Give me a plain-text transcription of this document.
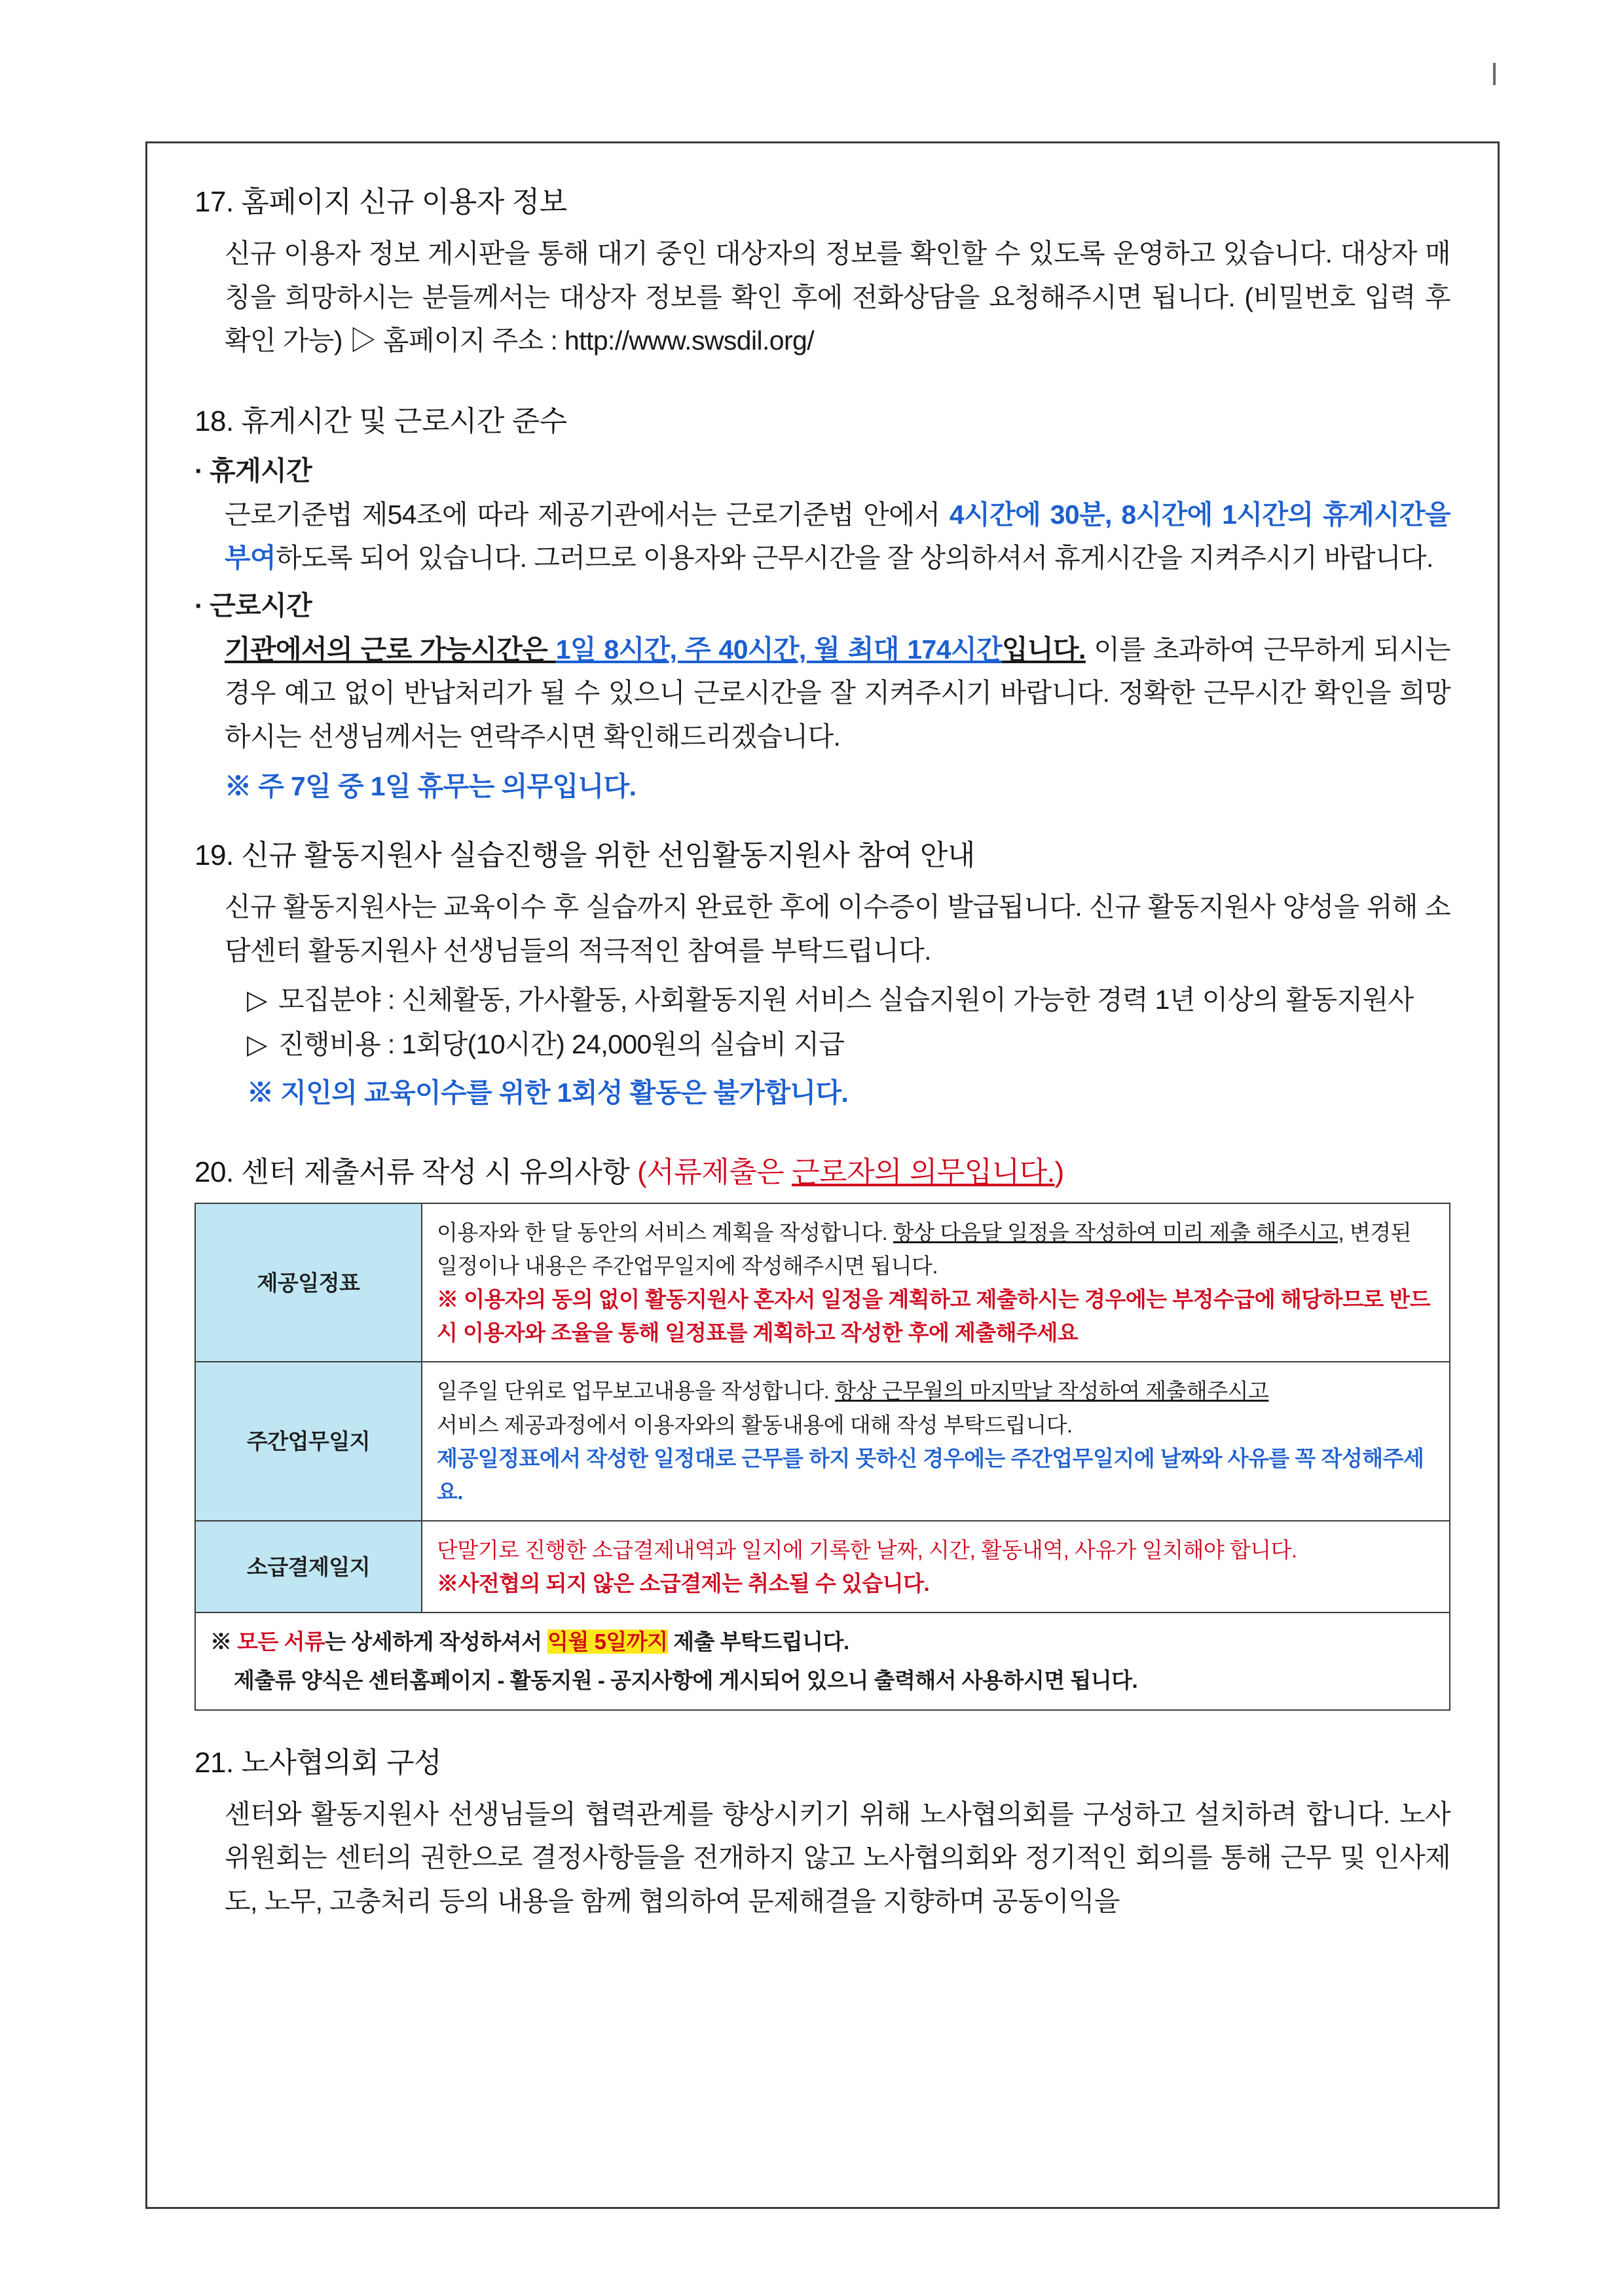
17. 홈페이지 신규 이용자 정보
신규 이용자 정보 게시판을 통해 대기 중인 대상자의 정보를 확인할 수 있도록 운영하고 있습니다. 대상자 매칭을 희망하시는 분들께서는 대상자 정보를 확인 후에 전화상담을 요청해주시면 됩니다. (비밀번호 입력 후 확인 가능) ▷ 홈페이지 주소 : http://www.swsdil.org/
18. 휴게시간 및 근로시간 준수
· 휴게시간
근로기준법 제54조에 따라 제공기관에서는 근로기준법 안에서 4시간에 30분, 8시간에 1시간의 휴게시간을 부여하도록 되어 있습니다. 그러므로 이용자와 근무시간을 잘 상의하셔서 휴게시간을 지켜주시기 바랍니다.
· 근로시간
기관에서의 근로 가능시간은 1일 8시간, 주 40시간, 월 최대 174시간입니다. 이를 초과하여 근무하게 되시는 경우 예고 없이 반납처리가 될 수 있으니 근로시간을 잘 지켜주시기 바랍니다. 정확한 근무시간 확인을 희망하시는 선생님께서는 연락주시면 확인해드리겠습니다.
※ 주 7일 중 1일 휴무는 의무입니다.
19. 신규 활동지원사 실습진행을 위한 선임활동지원사 참여 안내
신규 활동지원사는 교육이수 후 실습까지 완료한 후에 이수증이 발급됩니다. 신규 활동지원사 양성을 위해 소담센터 활동지원사 선생님들의 적극적인 참여를 부탁드립니다.
▷ 모집분야 : 신체활동, 가사활동, 사회활동지원 서비스 실습지원이 가능한 경력 1년 이상의 활동지원사
▷ 진행비용 : 1회당(10시간) 24,000원의 실습비 지급
※ 지인의 교육이수를 위한 1회성 활동은 불가합니다.
20. 센터 제출서류 작성 시 유의사항 (서류제출은 근로자의 의무입니다.)
제공일정표	이용자와 한 달 동안의 서비스 계획을 작성합니다. 항상 다음달 일정을 작성하여 미리 제출 해주시고, 변경된 일정이나 내용은 주간업무일지에 작성해주시면 됩니다.
※ 이용자의 동의 없이 활동지원사 혼자서 일정을 계획하고 제출하시는 경우에는 부정수급에 해당하므로 반드시 이용자와 조율을 통해 일정표를 계획하고 작성한 후에 제출해주세요

주간업무일지	일주일 단위로 업무보고내용을 작성합니다. 항상 근무월의 마지막날 작성하여 제출해주시고
서비스 제공과정에서 이용자와의 활동내용에 대해 작성 부탁드립니다.
제공일정표에서 작성한 일정대로 근무를 하지 못하신 경우에는 주간업무일지에 날짜와 사유를 꼭 작성해주세요.

소급결제일지	단말기로 진행한 소급결제내역과 일지에 기록한 날짜, 시간, 활동내역, 사유가 일치해야 합니다.
※사전협의 되지 않은 소급결제는 취소될 수 있습니다.

※ 모든 서류는 상세하게 작성하셔서 익월 5일까지 제출 부탁드립니다.
제출류 양식은 센터홈페이지 - 활동지원 - 공지사항에 게시되어 있으니 출력해서 사용하시면 됩니다.	
21. 노사협의회 구성
센터와 활동지원사 선생님들의 협력관계를 향상시키기 위해 노사협의회를 구성하고 설치하려 합니다. 노사위원회는 센터의 권한으로 결정사항들을 전개하지 않고 노사협의회와 정기적인 회의를 통해 근무 및 인사제도, 노무, 고충처리 등의 내용을 함께 협의하여 문제해결을 지향하며 공동이익을
